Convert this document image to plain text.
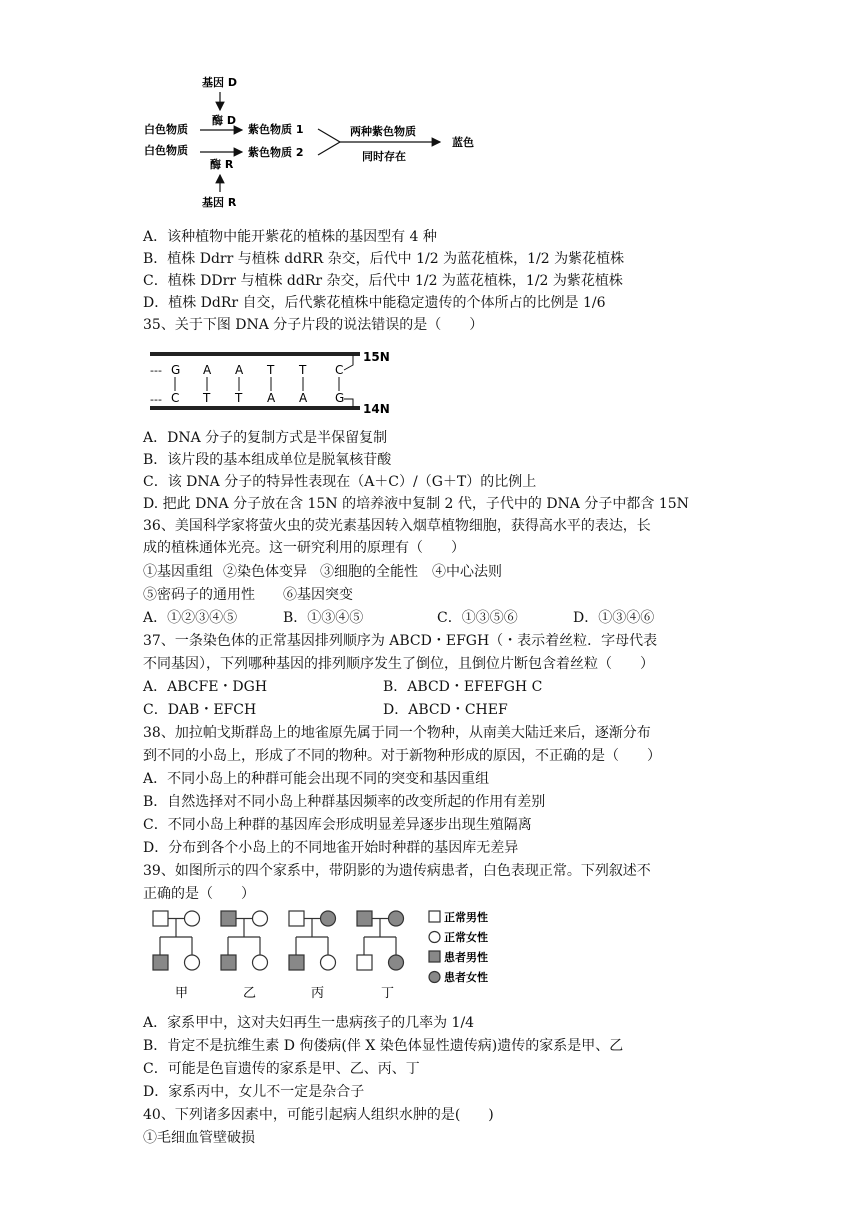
基因 D
酶 D
白色物质	紫色物质 1
白色物质	紫色物质 2
酶 R
基因 R
两种紫色物质
同时存在
蓝色
A．该种植物中能开紫花的植株的基因型有 4 种
B．植株 Ddrr 与植株 ddRR 杂交，后代中 1/2 为蓝花植株，1/2 为紫花植株
C．植株 DDrr 与植株 ddRr 杂交，后代中 1/2 为蓝花植株，1/2 为紫花植株
D．植株 DdRr 自交，后代紫花植株中能稳定遗传的个体所占的比例是 1/6
35、关于下图 DNA 分子片段的说法错误的是（　　）
15N
14N
---
---
G A A T T C
C T T A A G
A．DNA 分子的复制方式是半保留复制
B．该片段的基本组成单位是脱氧核苷酸
C．该 DNA 分子的特异性表现在（A＋C）/（G＋T）的比例上
D. 把此 DNA 分子放在含 15N 的培养液中复制 2 代，子代中的 DNA 分子中都含 15N
36、美国科学家将萤火虫的荧光素基因转入烟草植物细胞，获得高水平的表达，长
成的植株通体光亮。这一研究利用的原理有（　　）
①基因重组 ②染色体变异 ③细胞的全能性 ④中心法则
⑤密码子的通用性 ⑥基因突变
A．①②③④⑤	B．①③④⑤	C．①③⑤⑥	D．①③④⑥
37、一条染色体的正常基因排列顺序为 ABCD・EFGH（・表示着丝粒．字母代表
不同基因），下列哪种基因的排列顺序发生了倒位，且倒位片断包含着丝粒（　　）
A．ABCFE・DGH	B．ABCD・EFEFGH C
C．DAB・EFCH	D．ABCD・CHEF
38、加拉帕戈斯群岛上的地雀原先属于同一个物种，从南美大陆迁来后，逐渐分布
到不同的小岛上，形成了不同的物种。对于新物种形成的原因，不正确的是（　　）
A．不同小岛上的种群可能会出现不同的突变和基因重组
B．自然选择对不同小岛上种群基因频率的改变所起的作用有差别
C．不同小岛上种群的基因库会形成明显差异逐步出现生殖隔离
D．分布到各个小岛上的不同地雀开始时种群的基因库无差异
39、如图所示的四个家系中，带阴影的为遗传病患者，白色表现正常。下列叙述不
正确的是（　　）
甲	乙	丙	丁
正常男性
正常女性
患者男性
患者女性
A．家系甲中，这对夫妇再生一患病孩子的几率为 1/4
B．肯定不是抗维生素 D 佝偻病(伴 X 染色体显性遗传病)遗传的家系是甲、乙
C．可能是色盲遗传的家系是甲、乙、丙、丁
D．家系丙中，女儿不一定是杂合子
40、下列诸多因素中，可能引起病人组织水肿的是(　　)
①毛细血管壁破损
